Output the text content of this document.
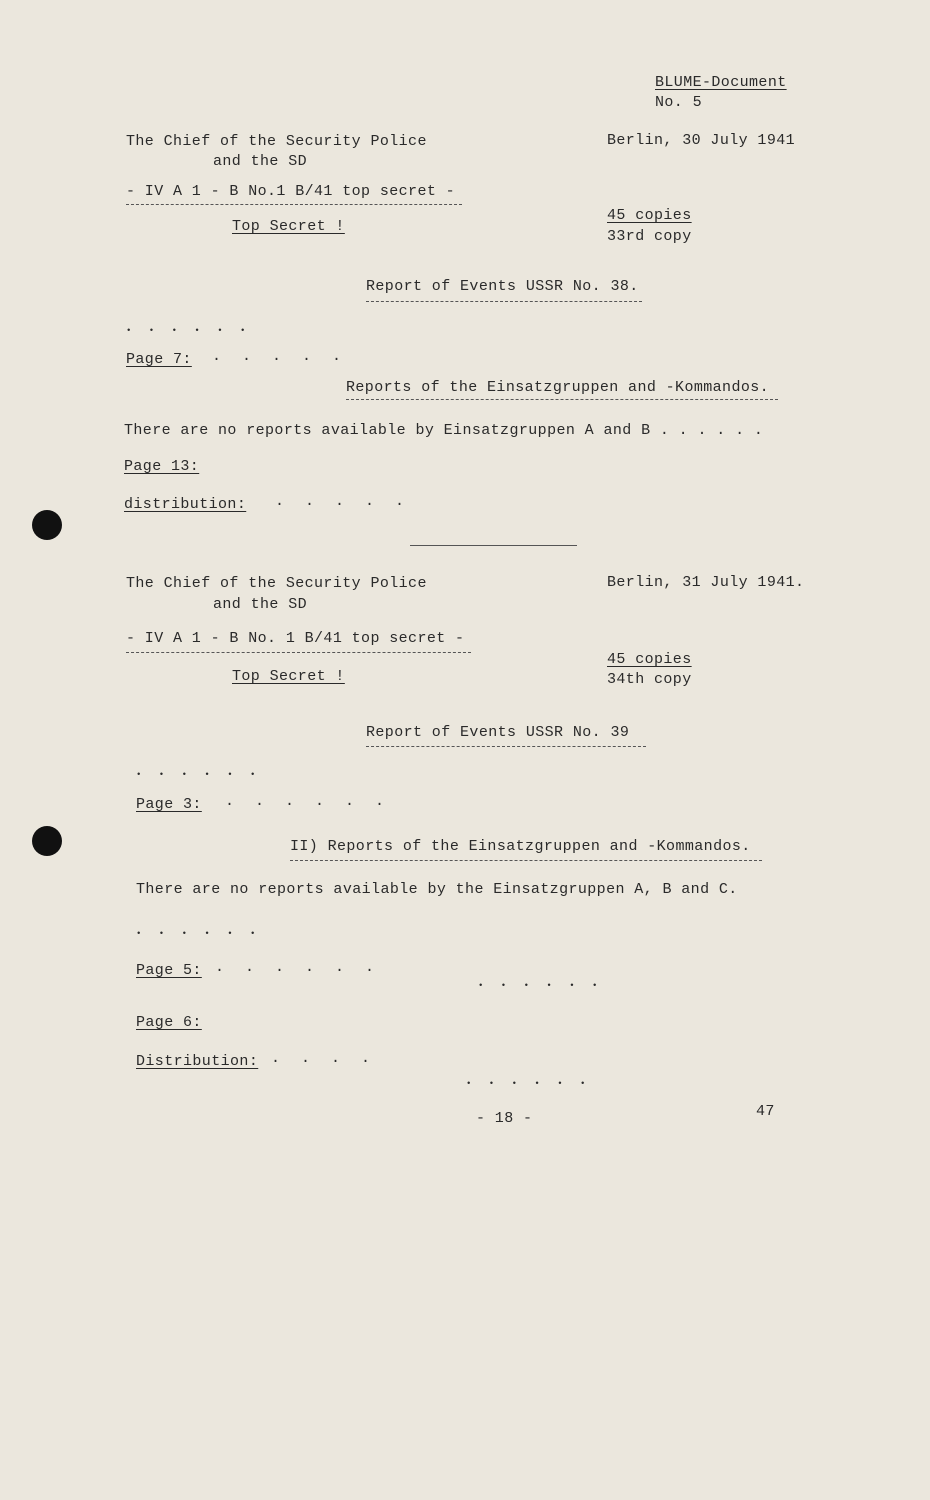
BLUME-Document
No. 5
The Chief of the Security Police
and the SD
Berlin, 30 July 1941
- IV A 1 - B No.1 B/41 top secret -
Top Secret !
45 copies
33rd copy
Report of Events USSR No. 38.
• • • • • •
Page 7: . . . . .
Reports of the Einsatzgruppen and -Kommandos.
There are no reports available by Einsatzgruppen A and B . . . . . .
Page 13:
distribution: . . . . .
The Chief of the Security Police
and the SD
Berlin, 31 July 1941.
- IV A 1 - B No. 1 B/41 top secret -
45 copies
Top Secret !	34th copy
Report of Events USSR No. 39
• • • • • •
Page 3: . . . . . .
II) Reports of the Einsatzgruppen and -Kommandos.
There are no reports available by the Einsatzgruppen A, B and C.
• • • • • •
Page 5: . . . . . .
• • • • • •
Page 6:
Distribution: . . . .
• • • • • •
- 18 -	47
